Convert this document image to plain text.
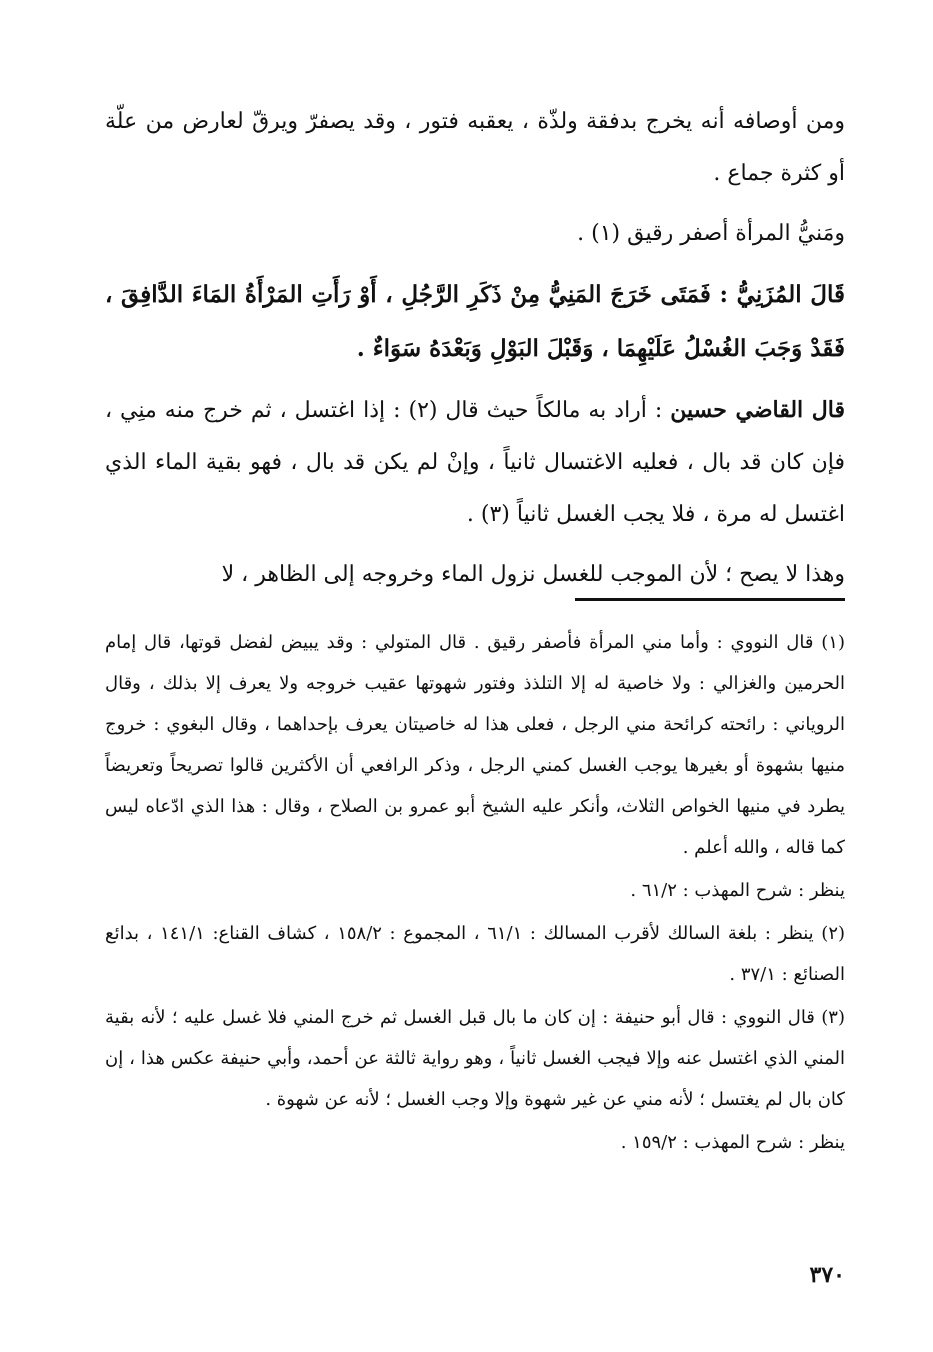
ومن أوصافه أنه يخرج بدفقة ولذّة ، يعقبه فتور ، وقد يصفرّ ويرقّ لعارض من علّة أو كثرة جماع .

ومَنيُّ المرأة أصفر رقيق (١) .

قَالَ المُزَنِيُّ : فَمَتَى خَرَجَ المَنِيُّ مِنْ ذَكَرِ الرَّجُلِ ، أَوْ رَأَتِ المَرْأَةُ المَاءَ الدَّافِقَ ، فَقَدْ وَجَبَ الغُسْلُ عَلَيْهِمَا ، وَقَبْلَ البَوْلِ وَبَعْدَهُ سَوَاءٌ .

قال القاضي حسين : أراد به مالكاً حيث قال (٢) : إذا اغتسل ، ثم خرج منه منِي ، فإن كان قد بال ، فعليه الاغتسال ثانياً ، وإنْ لم يكن قد بال ، فهو بقية الماء الذي اغتسل له مرة ، فلا يجب الغسل ثانياً (٣) .

وهذا لا يصح ؛ لأن الموجب للغسل نزول الماء وخروجه إلى الظاهر ، لا

(١) قال النووي : وأما مني المرأة فأصفر رقيق . قال المتولي : وقد يبيض لفضل قوتها، قال إمام الحرمين والغزالي : ولا خاصية له إلا التلذذ وفتور شهوتها عقيب خروجه ولا يعرف إلا بذلك ، وقال الروياني : رائحته كرائحة مني الرجل ، فعلى هذا له خاصيتان يعرف بإحداهما ، وقال البغوي : خروج منيها بشهوة أو بغيرها يوجب الغسل كمني الرجل ، وذكر الرافعي أن الأكثرين قالوا تصريحاً وتعريضاً يطرد في منيها الخواص الثلاث، وأنكر عليه الشيخ أبو عمرو بن الصلاح ، وقال : هذا الذي ادّعاه ليس كما قاله ، والله أعلم .

ينظر : شرح المهذب : ٦١/٢ .

(٢) ينظر : بلغة السالك لأقرب المسالك : ٦١/١ ، المجموع : ١٥٨/٢ ، كشاف القناع: ١٤١/١ ، بدائع الصنائع : ٣٧/١ .

(٣) قال النووي : قال أبو حنيفة : إن كان ما بال قبل الغسل ثم خرج المني فلا غسل عليه ؛ لأنه بقية المني الذي اغتسل عنه وإلا فيجب الغسل ثانياً ، وهو رواية ثالثة عن أحمد، وأبي حنيفة عكس هذا ، إن كان بال لم يغتسل ؛ لأنه مني عن غير شهوة وإلا وجب الغسل ؛ لأنه عن شهوة .

ينظر : شرح المهذب : ١٥٩/٢ .

٣٧٠
